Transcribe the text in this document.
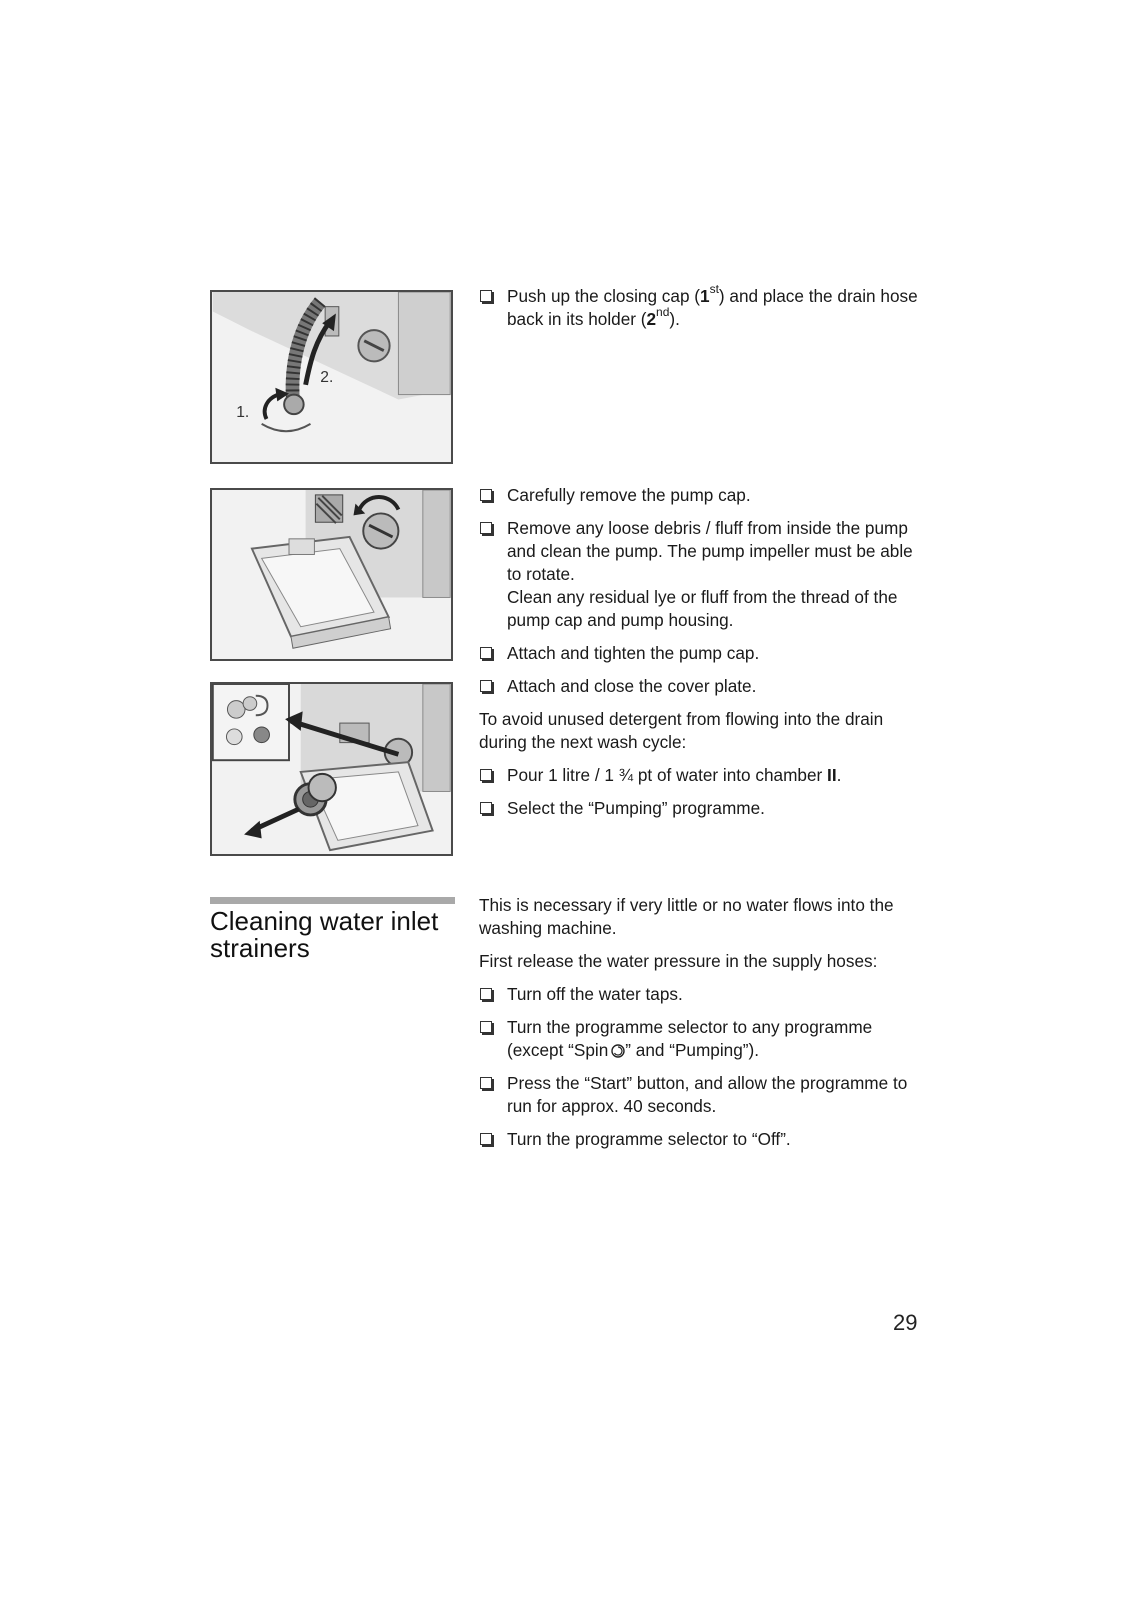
2.
1.
Push up the closing cap (1st) and place the drain hose back in its holder (2nd).
Carefully remove the pump cap.
Remove any loose debris / fluff from inside the pump and clean the pump. The pump impeller must be able to rotate.
Clean any residual lye or fluff from the thread of the pump cap and pump housing.
Attach and tighten the pump cap.
Attach and close the cover plate.

To avoid unused detergent from flowing into the drain during the next wash cycle:

Pour 1 litre / 1 ¾ pt of water into chamber II.
Select the “Pumping” programme.
Cleaning water inlet strainers

This is necessary if very little or no water flows into the washing machine.

First release the water pressure in the supply hoses:

Turn off the water taps.
Turn the programme selector to any programme (except “Spin ” and “Pumping”).
Press the “Start” button, and allow the programme to run for approx. 40 seconds.
Turn the programme selector to “Off”.
29
